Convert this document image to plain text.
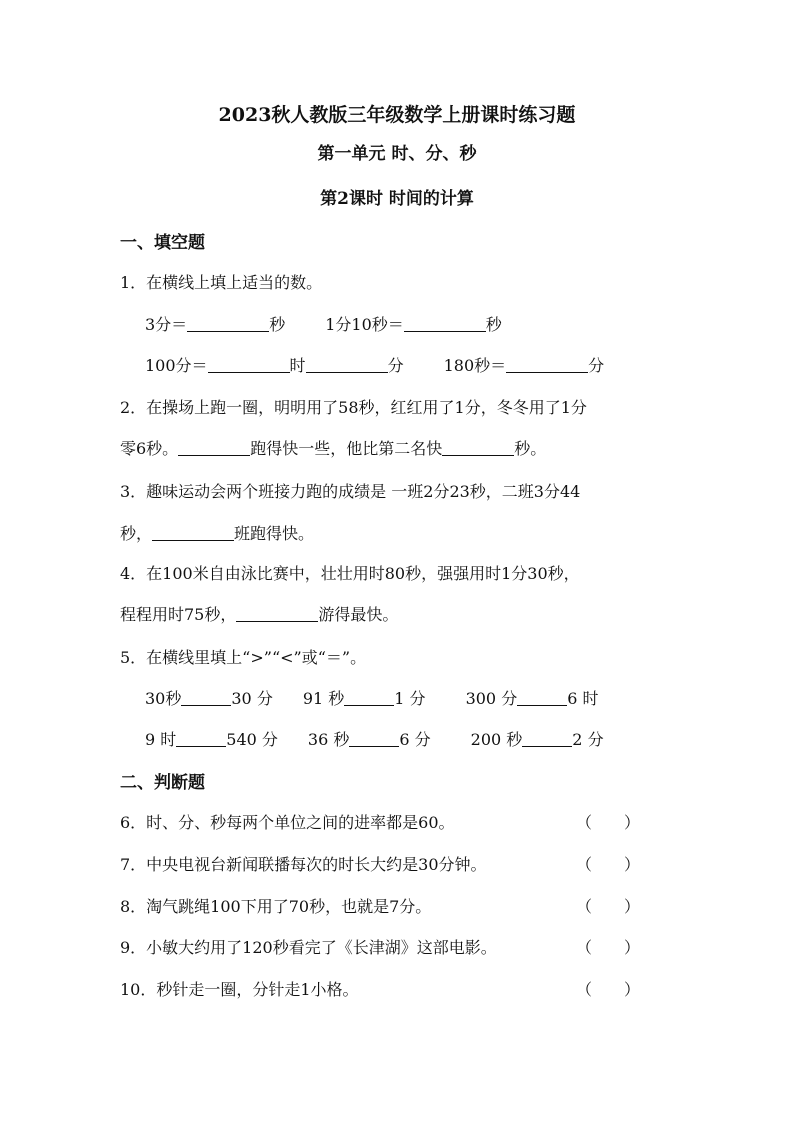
2023秋人教版三年级数学上册课时练习题
第一单元 时、分、秒
第2课时 时间的计算
一、填空题
1．在横线上填上适当的数。
3分＝	秒	1分10秒＝	秒
100分＝	时	分	180秒＝	分
2．在操场上跑一圈，明明用了58秒，红红用了1分，冬冬用了1分
零6秒。	跑得快一些，他比第二名快	秒。
3．趣味运动会两个班接力跑的成绩是 一班2分23秒，二班3分44
秒，	班跑得快。
4．在100米自由泳比赛中，壮壮用时80秒，强强用时1分30秒，
程程用时75秒，	游得最快。
5．在横线里填上“>”“<”或“＝”。
30秒	30 分 91 秒	1 分	300 分	6 时
9 时	540 分 36 秒	6 分	200 秒	2 分
二、判断题
6．时、分、秒每两个单位之间的进率都是60。	（　　）
7．中央电视台新闻联播每次的时长大约是30分钟。	（　　）
8．淘气跳绳100下用了70秒，也就是7分。	（　　）
9．小敏大约用了120秒看完了《长津湖》这部电影。	（　　）
10．秒针走一圈，分针走1小格。	（　　）
